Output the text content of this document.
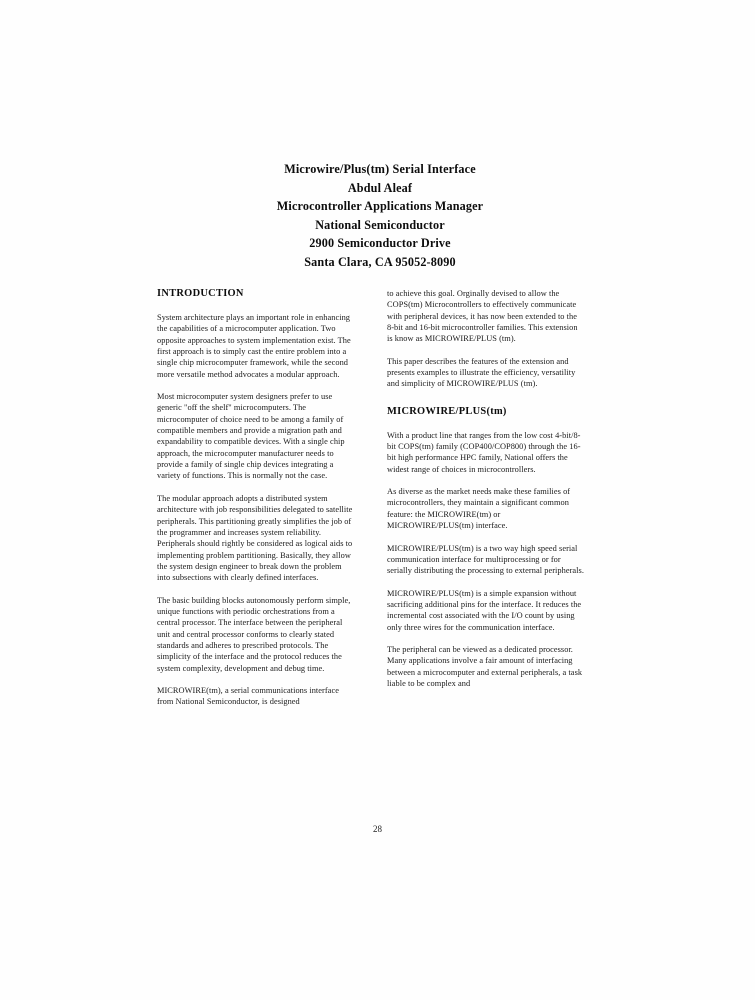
Microwire/Plus(tm) Serial Interface
Abdul Aleaf
Microcontroller Applications Manager
National Semiconductor
2900 Semiconductor Drive
Santa Clara, CA 95052-8090
INTRODUCTION

System architecture plays an important role in enhancing the capabilities of a microcomputer application. Two opposite approaches to system implementation exist. The first approach is to simply cast the entire problem into a single chip microcomputer framework, while the second more versatile method advocates a modular approach.

Most microcomputer system designers prefer to use generic "off the shelf" microcomputers. The microcomputer of choice need to be among a family of compatible members and provide a migration path and expandability to compatible devices. With a single chip approach, the microcomputer manufacturer needs to provide a family of single chip devices integrating a variety of functions. This is normally not the case.

The modular approach adopts a distributed system architecture with job responsibilities delegated to satellite peripherals. This partitioning greatly simplifies the job of the programmer and increases system reliability. Peripherals should rightly be considered as logical aids to implementing problem partitioning. Basically, they allow the system design engineer to break down the problem into subsections with clearly defined interfaces.

The basic building blocks autonomously perform simple, unique functions with periodic orchestrations from a central processor. The interface between the peripheral unit and central processor conforms to clearly stated standards and adheres to prescribed protocols. The simplicity of the interface and the protocol reduces the system complexity, development and debug time.

MICROWIRE(tm), a serial communications interface from National Semiconductor, is designed

to achieve this goal. Orginally devised to allow the COPS(tm) Microcontrollers to effectively communicate with peripheral devices, it has now been extended to the 8-bit and 16-bit microcontroller families. This extension is know as MICROWIRE/PLUS (tm).

This paper describes the features of the extension and presents examples to illustrate the efficiency, versatility and simplicity of MICROWIRE/PLUS (tm).

MICROWIRE/PLUS(tm)

With a product line that ranges from the low cost 4-bit/8-bit COPS(tm) family (COP400/COP800) through the 16-bit high performance HPC family, National offers the widest range of choices in microcontrollers.

As diverse as the market needs make these families of microcontrollers, they maintain a significant common feature: the MICROWIRE(tm) or MICROWIRE/PLUS(tm) interface.

MICROWIRE/PLUS(tm) is a two way high speed serial communication interface for multiprocessing or for serially distributing the processing to external peripherals.

MICROWIRE/PLUS(tm) is a simple expansion without sacrificing additional pins for the interface. It reduces the incremental cost associated with the I/O count by using only three wires for the communication interface.

The peripheral can be viewed as a dedicated processor. Many applications involve a fair amount of interfacing between a microcomputer and external peripherals, a task liable to be complex and

28
